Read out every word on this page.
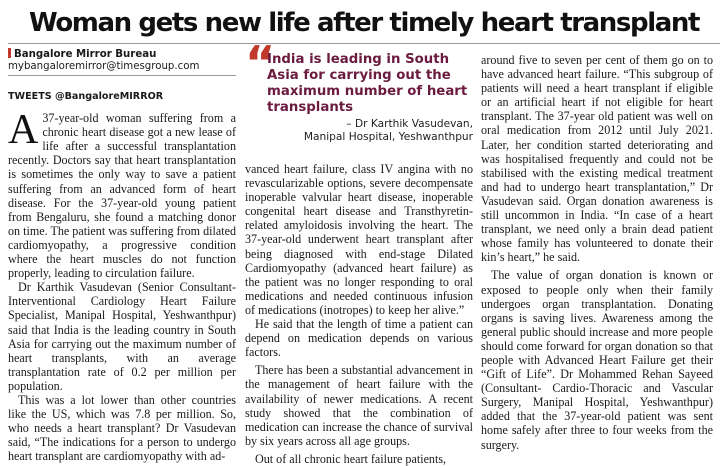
Woman gets new life after timely heart transplant
Bangalore Mirror Bureau
mybangaloremirror@timesgroup.com
TWEETS @BangaloreMIRROR

A 37-year-old woman suffering from a chronic heart disease got a new lease of life after a successful transplantation recently. Doctors say that heart transplantation is sometimes the only way to save a patient suffering from an advanced form of heart disease. For the 37-year-old young patient from Bengaluru, she found a matching donor on time. The patient was suffering from dilated cardiomyopathy, a progressive condition where the heart muscles do not function properly, leading to circulation failure.

Dr Karthik Vasudevan (Senior Consultant-Interventional Cardiology Heart Failure Specialist, Manipal Hospital, Yeshwanthpur) said that India is the leading country in South Asia for carrying out the maximum number of heart transplants, with an average transplantation rate of 0.2 per million per population.

This was a lot lower than other countries like the US, which was 7.8 per million. So, who needs a heart transplant? Dr Vasudevan said, “The indications for a person to undergo heart transplant are cardiomyopathy with ad-

“
India is leading in South Asia for carrying out the maximum number of heart transplants
– Dr Karthik Vasudevan,
Manipal Hospital, Yeshwanthpur

vanced heart failure, class IV angina with no revascularizable options, severe decompensate inoperable valvular heart disease, inoperable congenital heart disease and Transthyretin-related amyloidosis involving the heart. The 37-year-old underwent heart transplant after being diagnosed with end-stage Dilated Cardiomyopathy (advanced heart failure) as the patient was no longer responding to oral medications and needed continuous infusion of medications (inotropes) to keep her alive.”

He said that the length of time a patient can depend on medication depends on various factors.

There has been a substantial advancement in the management of heart failure with the availability of newer medications. A recent study showed that the combination of medication can increase the chance of survival by six years across all age groups.

Out of all chronic heart failure patients,

around five to seven per cent of them go on to have advanced heart failure. “This subgroup of patients will need a heart transplant if eligible or an artificial heart if not eligible for heart transplant. The 37-year old patient was well on oral medication from 2012 until July 2021. Later, her condition started deteriorating and was hospitalised frequently and could not be stabilised with the existing medical treatment and had to undergo heart transplantation,” Dr Vasudevan said. Organ donation awareness is still uncommon in India. “In case of a heart transplant, we need only a brain dead patient whose family has volunteered to donate their kin’s heart,” he said.

The value of organ donation is known or exposed to people only when their family undergoes organ transplantation. Donating organs is saving lives. Awareness among the general public should increase and more people should come forward for organ donation so that people with Advanced Heart Failure get their “Gift of Life”. Dr Mohammed Rehan Sayeed (Consultant- Cardio-Thoracic and Vascular Surgery, Manipal Hospital, Yeshwanthpur) added that the 37-year-old patient was sent home safely after three to four weeks from the surgery.
